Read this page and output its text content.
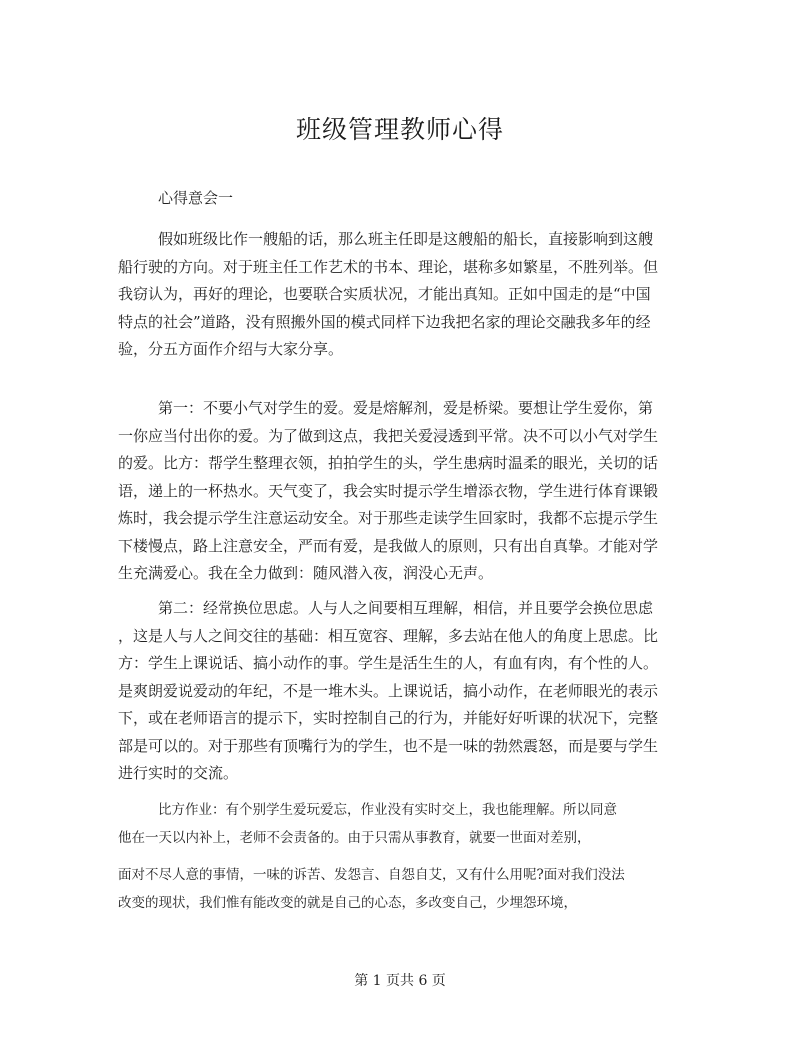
班级管理教师心得
心得意会一
假如班级比作一艘船的话，那么班主任即是这艘船的船长，直接影响到这艘
船行驶的方向。对于班主任工作艺术的书本、理论，堪称多如繁星，不胜列举。但
我窃认为，再好的理论，也要联合实质状况，才能出真知。正如中国走的是“中国
特点的社会”道路，没有照搬外国的模式同样下边我把名家的理论交融我多年的经
验，分五方面作介绍与大家分享。
第一：不要小气对学生的爱。爱是熔解剂，爱是桥梁。要想让学生爱你，第
一你应当付出你的爱。为了做到这点，我把关爱浸透到平常。决不可以小气对学生
的爱。比方：帮学生整理衣领，拍拍学生的头，学生患病时温柔的眼光，关切的话
语，递上的一杯热水。天气变了，我会实时提示学生增添衣物，学生进行体育课锻
炼时，我会提示学生注意运动安全。对于那些走读学生回家时，我都不忘提示学生
下楼慢点，路上注意安全，严而有爱，是我做人的原则，只有出自真挚。才能对学
生充满爱心。我在全力做到：随风潜入夜，润没心无声。
第二：经常换位思虑。人与人之间要相互理解，相信，并且要学会换位思虑
，这是人与人之间交往的基础：相互宽容、理解，多去站在他人的角度上思虑。比
方：学生上课说话、搞小动作的事。学生是活生生的人，有血有肉，有个性的人。
是爽朗爱说爱动的年纪，不是一堆木头。上课说话，搞小动作，在老师眼光的表示
下，或在老师语言的提示下，实时控制自己的行为，并能好好听课的状况下，完整
部是可以的。对于那些有顶嘴行为的学生，也不是一味的勃然震怒，而是要与学生
进行实时的交流。
比方作业：有个别学生爱玩爱忘，作业没有实时交上，我也能理解。所以同意
他在一天以内补上，老师不会责备的。由于只需从事教育，就要一世面对差别，
面对不尽人意的事情，一味的诉苦、发怨言、自怨自艾，又有什么用呢?面对我们没法
改变的现状，我们惟有能改变的就是自己的心态，多改变自己，少埋怨环境，
第 1 页共 6 页
